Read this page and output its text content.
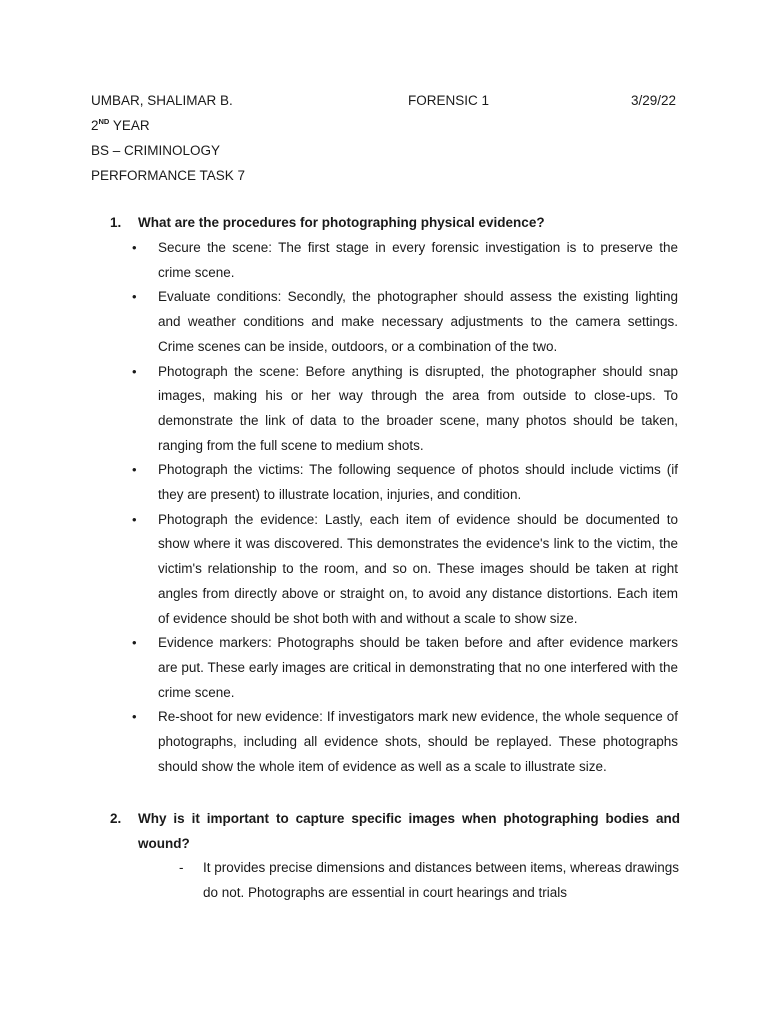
UMBAR, SHALIMAR B.	FORENSIC 1	3/29/22
2ND YEAR
BS – CRIMINOLOGY
PERFORMANCE TASK 7
1. What are the procedures for photographing physical evidence?
• Secure the scene: The first stage in every forensic investigation is to preserve the crime scene.
• Evaluate conditions: Secondly, the photographer should assess the existing lighting and weather conditions and make necessary adjustments to the camera settings. Crime scenes can be inside, outdoors, or a combination of the two.
• Photograph the scene: Before anything is disrupted, the photographer should snap images, making his or her way through the area from outside to close-ups. To demonstrate the link of data to the broader scene, many photos should be taken, ranging from the full scene to medium shots.
• Photograph the victims: The following sequence of photos should include victims (if they are present) to illustrate location, injuries, and condition.
• Photograph the evidence: Lastly, each item of evidence should be documented to show where it was discovered. This demonstrates the evidence's link to the victim, the victim's relationship to the room, and so on. These images should be taken at right angles from directly above or straight on, to avoid any distance distortions. Each item of evidence should be shot both with and without a scale to show size.
• Evidence markers: Photographs should be taken before and after evidence markers are put. These early images are critical in demonstrating that no one interfered with the crime scene.
• Re-shoot for new evidence: If investigators mark new evidence, the whole sequence of photographs, including all evidence shots, should be replayed. These photographs should show the whole item of evidence as well as a scale to illustrate size.
2. Why is it important to capture specific images when photographing bodies and wound?
- It provides precise dimensions and distances between items, whereas drawings do not. Photographs are essential in court hearings and trials
